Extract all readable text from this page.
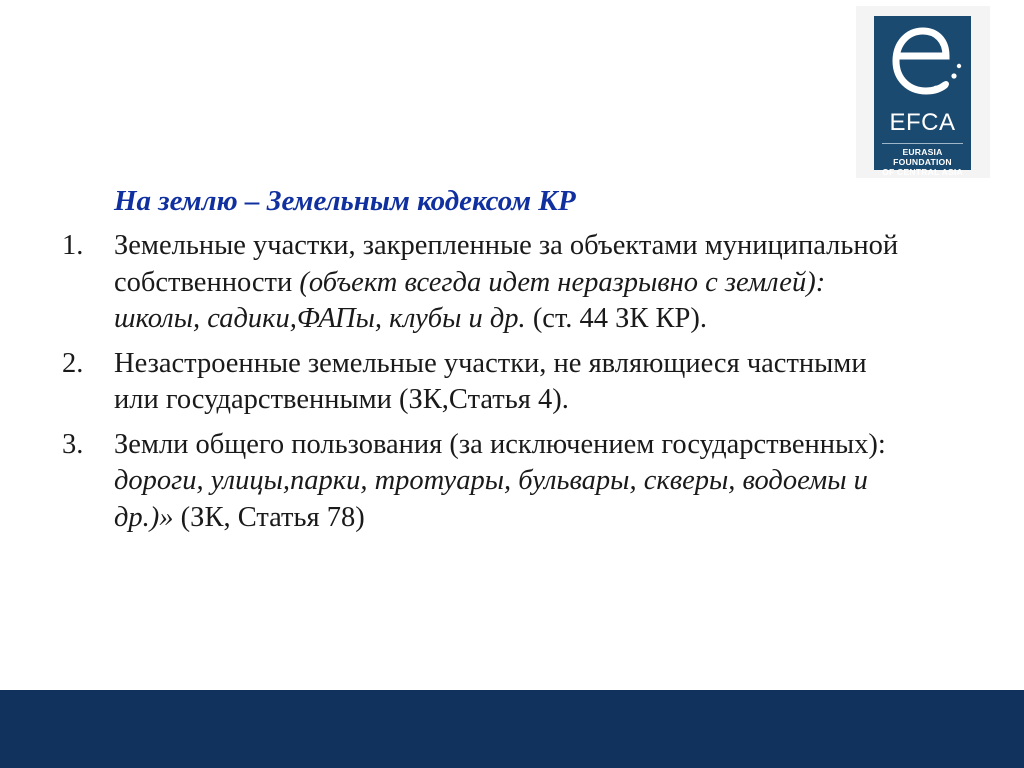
EFCA
EURASIA FOUNDATION
OF CENTRAL ASIA
На землю – Земельным кодексом КР
1. Земельные участки, закрепленные за объектами муниципальной собственности (объект всегда идет неразрывно с землей): школы, садики,ФАПы, клубы и др. (ст. 44 ЗК КР).
2. Незастроенные земельные участки, не являющиеся частными или государственными (ЗК,Статья 4).
3. Земли общего пользования (за исключением государственных): дороги, улицы,парки, тротуары, бульвары, скверы, водоемы и др.)» (ЗК, Статья 78)
